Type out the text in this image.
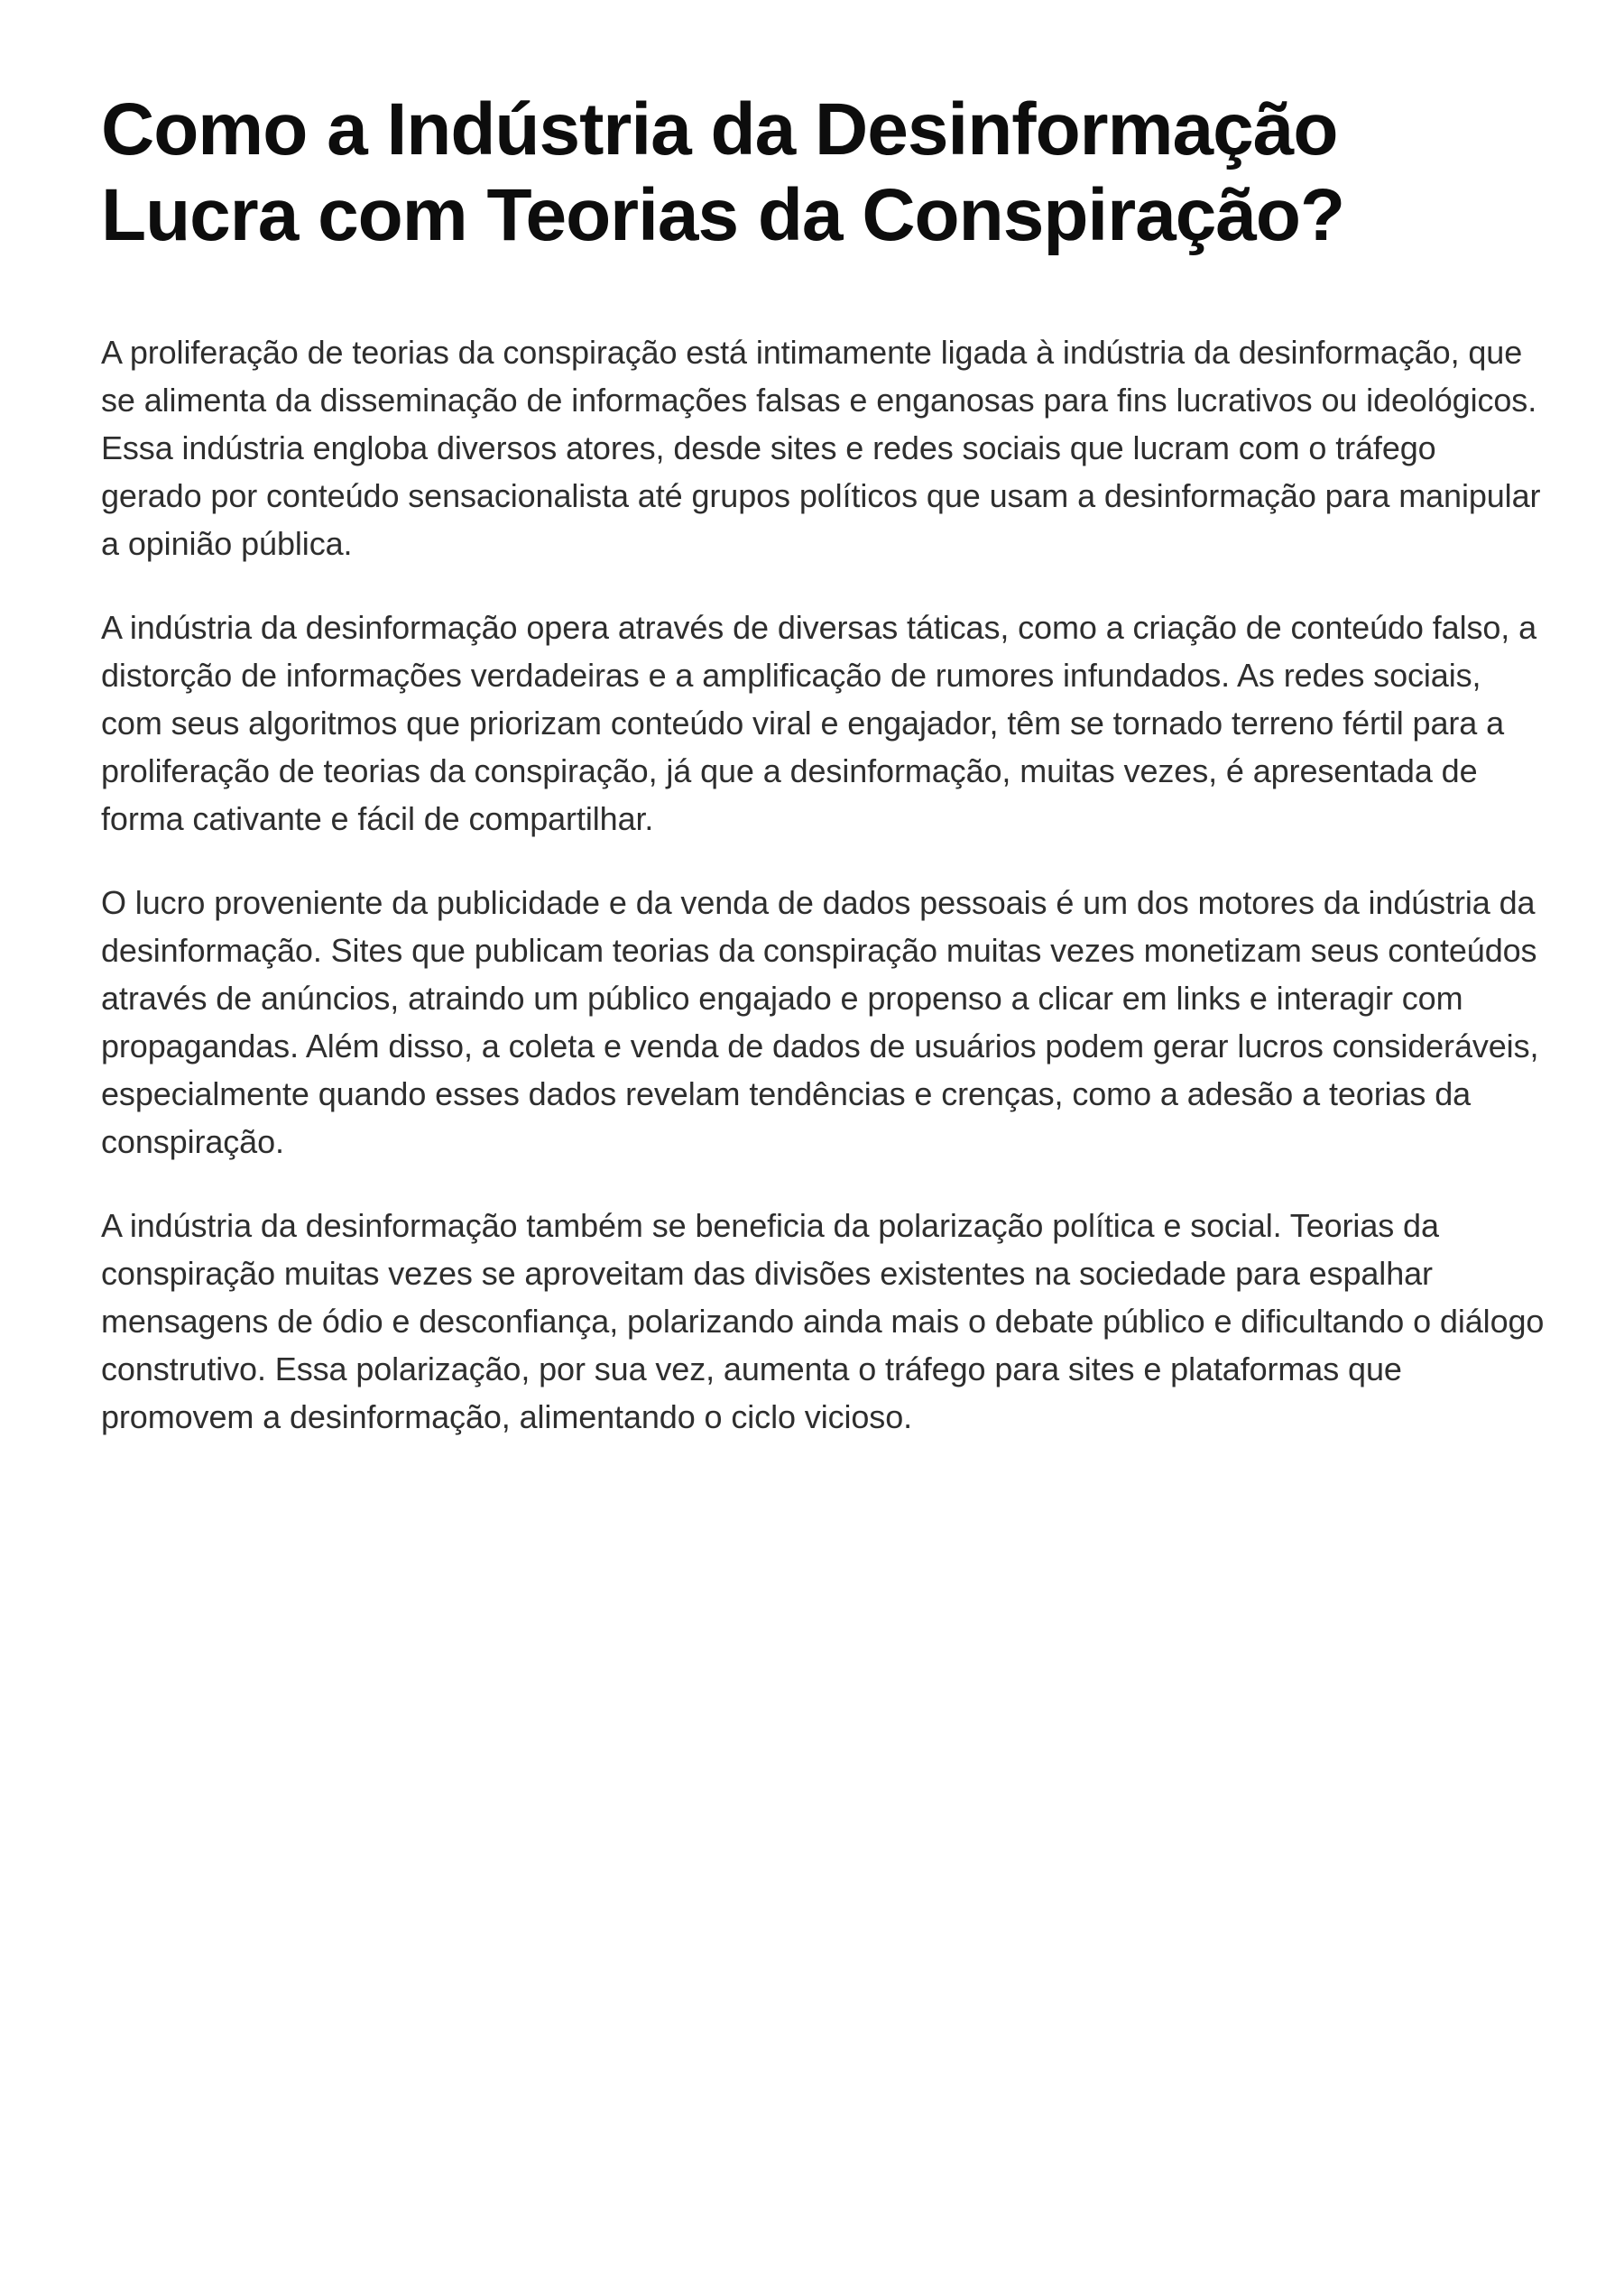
Como a Indústria da Desinformação Lucra com Teorias da Conspiração?

A proliferação de teorias da conspiração está intimamente ligada à indústria da desinformação, que se alimenta da disseminação de informações falsas e enganosas para fins lucrativos ou ideológicos. Essa indústria engloba diversos atores, desde sites e redes sociais que lucram com o tráfego gerado por conteúdo sensacionalista até grupos políticos que usam a desinformação para manipular a opinião pública.

A indústria da desinformação opera através de diversas táticas, como a criação de conteúdo falso, a distorção de informações verdadeiras e a amplificação de rumores infundados. As redes sociais, com seus algoritmos que priorizam conteúdo viral e engajador, têm se tornado terreno fértil para a proliferação de teorias da conspiração, já que a desinformação, muitas vezes, é apresentada de forma cativante e fácil de compartilhar.

O lucro proveniente da publicidade e da venda de dados pessoais é um dos motores da indústria da desinformação. Sites que publicam teorias da conspiração muitas vezes monetizam seus conteúdos através de anúncios, atraindo um público engajado e propenso a clicar em links e interagir com propagandas. Além disso, a coleta e venda de dados de usuários podem gerar lucros consideráveis, especialmente quando esses dados revelam tendências e crenças, como a adesão a teorias da conspiração.

A indústria da desinformação também se beneficia da polarização política e social. Teorias da conspiração muitas vezes se aproveitam das divisões existentes na sociedade para espalhar mensagens de ódio e desconfiança, polarizando ainda mais o debate público e dificultando o diálogo construtivo. Essa polarização, por sua vez, aumenta o tráfego para sites e plataformas que promovem a desinformação, alimentando o ciclo vicioso.
